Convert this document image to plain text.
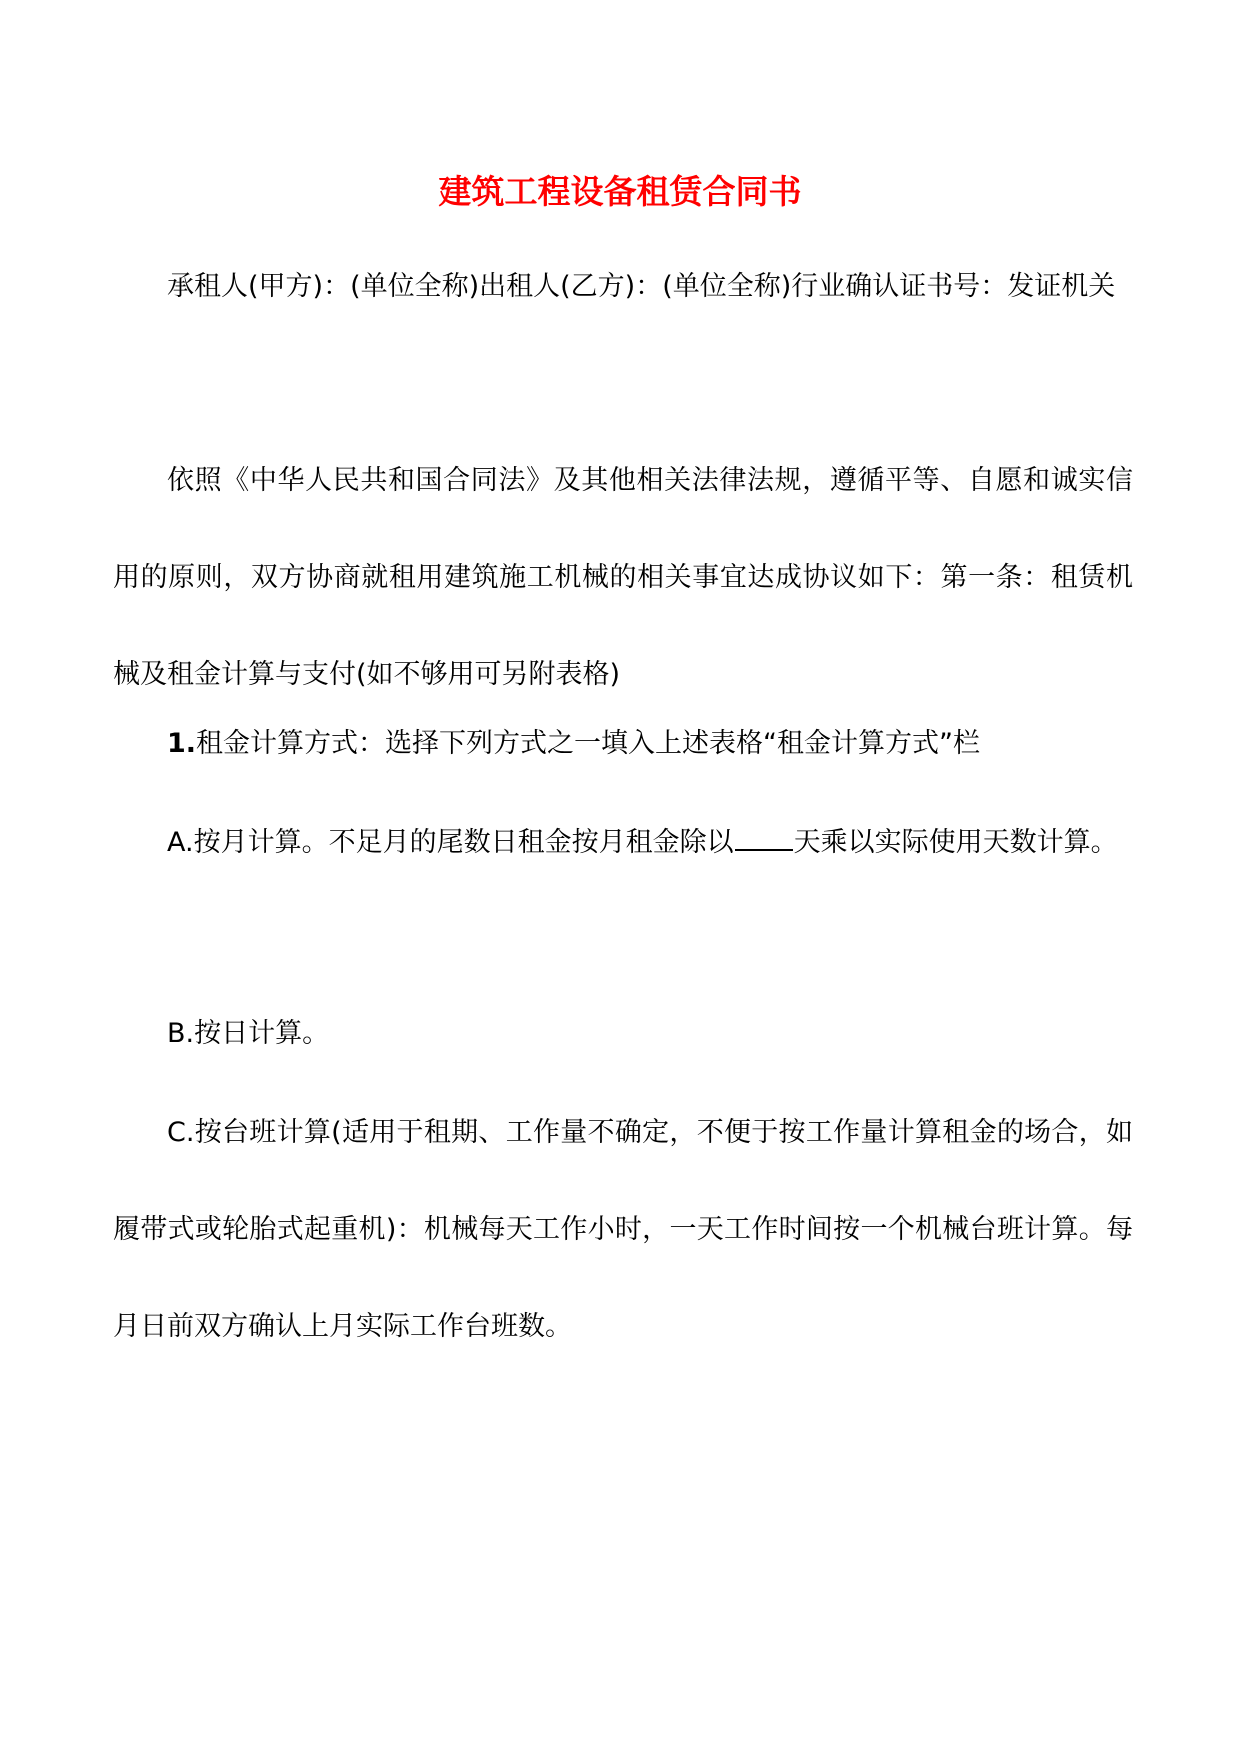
建筑工程设备租赁合同书

承租人(甲方)：(单位全称)出租人(乙方)：(单位全称)行业确认证书号：发证机关

依照《中华人民共和国合同法》及其他相关法律法规，遵循平等、自愿和诚实信用的原则，双方协商就租用建筑施工机械的相关事宜达成协议如下：第一条：租赁机械及租金计算与支付(如不够用可另附表格)

1.租金计算方式：选择下列方式之一填入上述表格“租金计算方式”栏

A.按月计算。不足月的尾数日租金按月租金除以 天乘以实际使用天数计算。

B.按日计算。

C.按台班计算(适用于租期、工作量不确定，不便于按工作量计算租金的场合，如履带式或轮胎式起重机)：机械每天工作小时，一天工作时间按一个机械台班计算。每月日前双方确认上月实际工作台班数。
